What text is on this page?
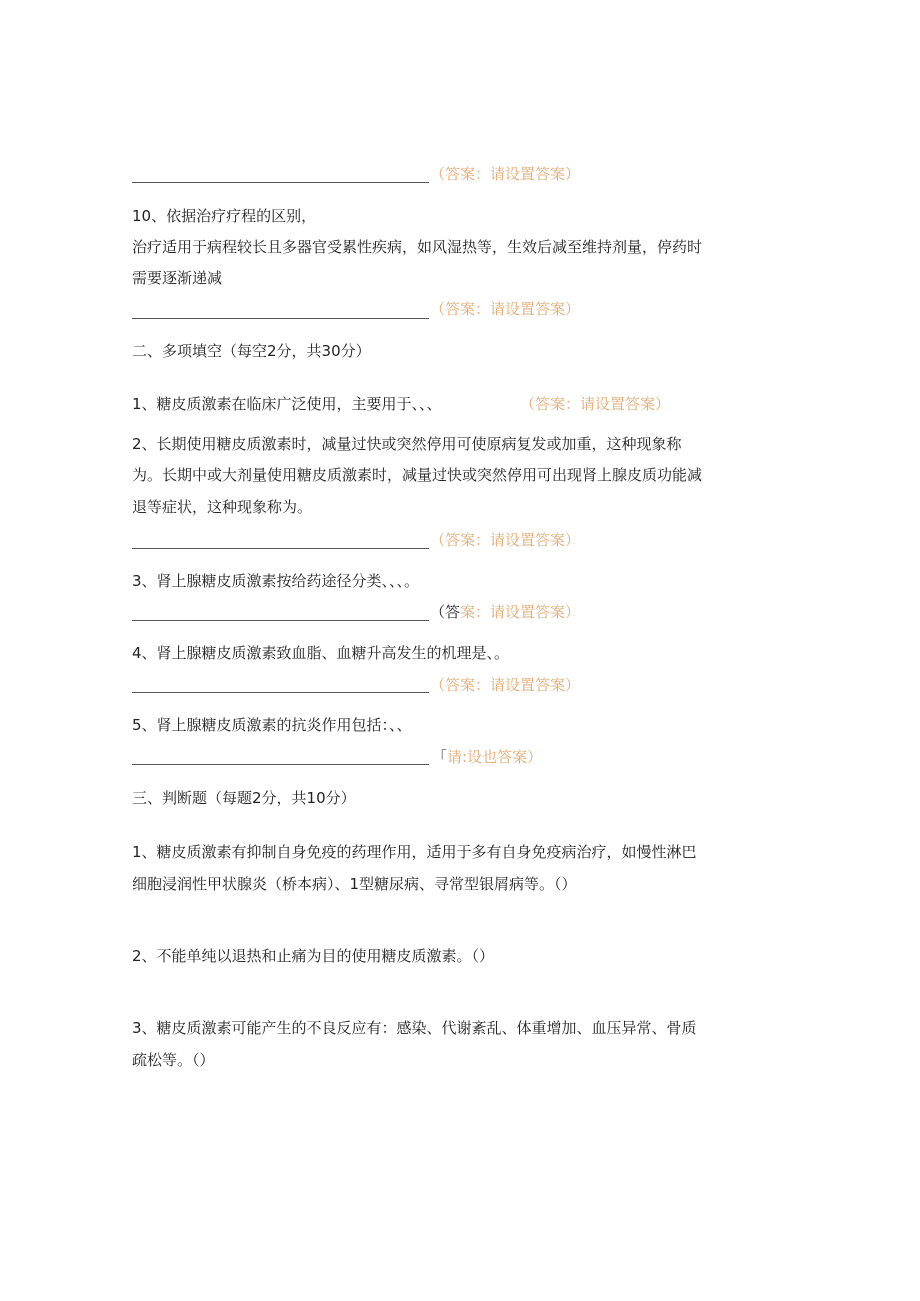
（答案：请设置答案）
10、依据治疗疗程的区别，
治疗适用于病程较长且多器官受累性疾病，如风湿热等，生效后减至维持剂量，停药时
需要逐渐递减
（答案：请设置答案）
二、多项填空（每空2分，共30分）
1、糖皮质激素在临床广泛使用，主要用于、、、	（答案：请设置答案）
2、长期使用糖皮质激素时，减量过快或突然停用可使原病复发或加重，这种现象称
为。长期中或大剂量使用糖皮质激素时，减量过快或突然停用可出现肾上腺皮质功能减
退等症状，这种现象称为。
（答案：请设置答案）
3、肾上腺糖皮质激素按给药途径分类、、、。
（答案：请设置答案）
4、肾上腺糖皮质激素致血脂、血糖升高发生的机理是、。
（答案：请设置答案）
5、肾上腺糖皮质激素的抗炎作用包括：、、
「请:设也答案）
三、判断题（每题2分，共10分）
1、糖皮质激素有抑制自身免疫的药理作用，适用于多有自身免疫病治疗，如慢性淋巴
细胞浸润性甲状腺炎（桥本病）、1型糖尿病、寻常型银屑病等。（）
2、不能单纯以退热和止痛为目的使用糖皮质激素。（）
3、糖皮质激素可能产生的不良反应有：感染、代谢紊乱、体重增加、血压异常、骨质
疏松等。（）
